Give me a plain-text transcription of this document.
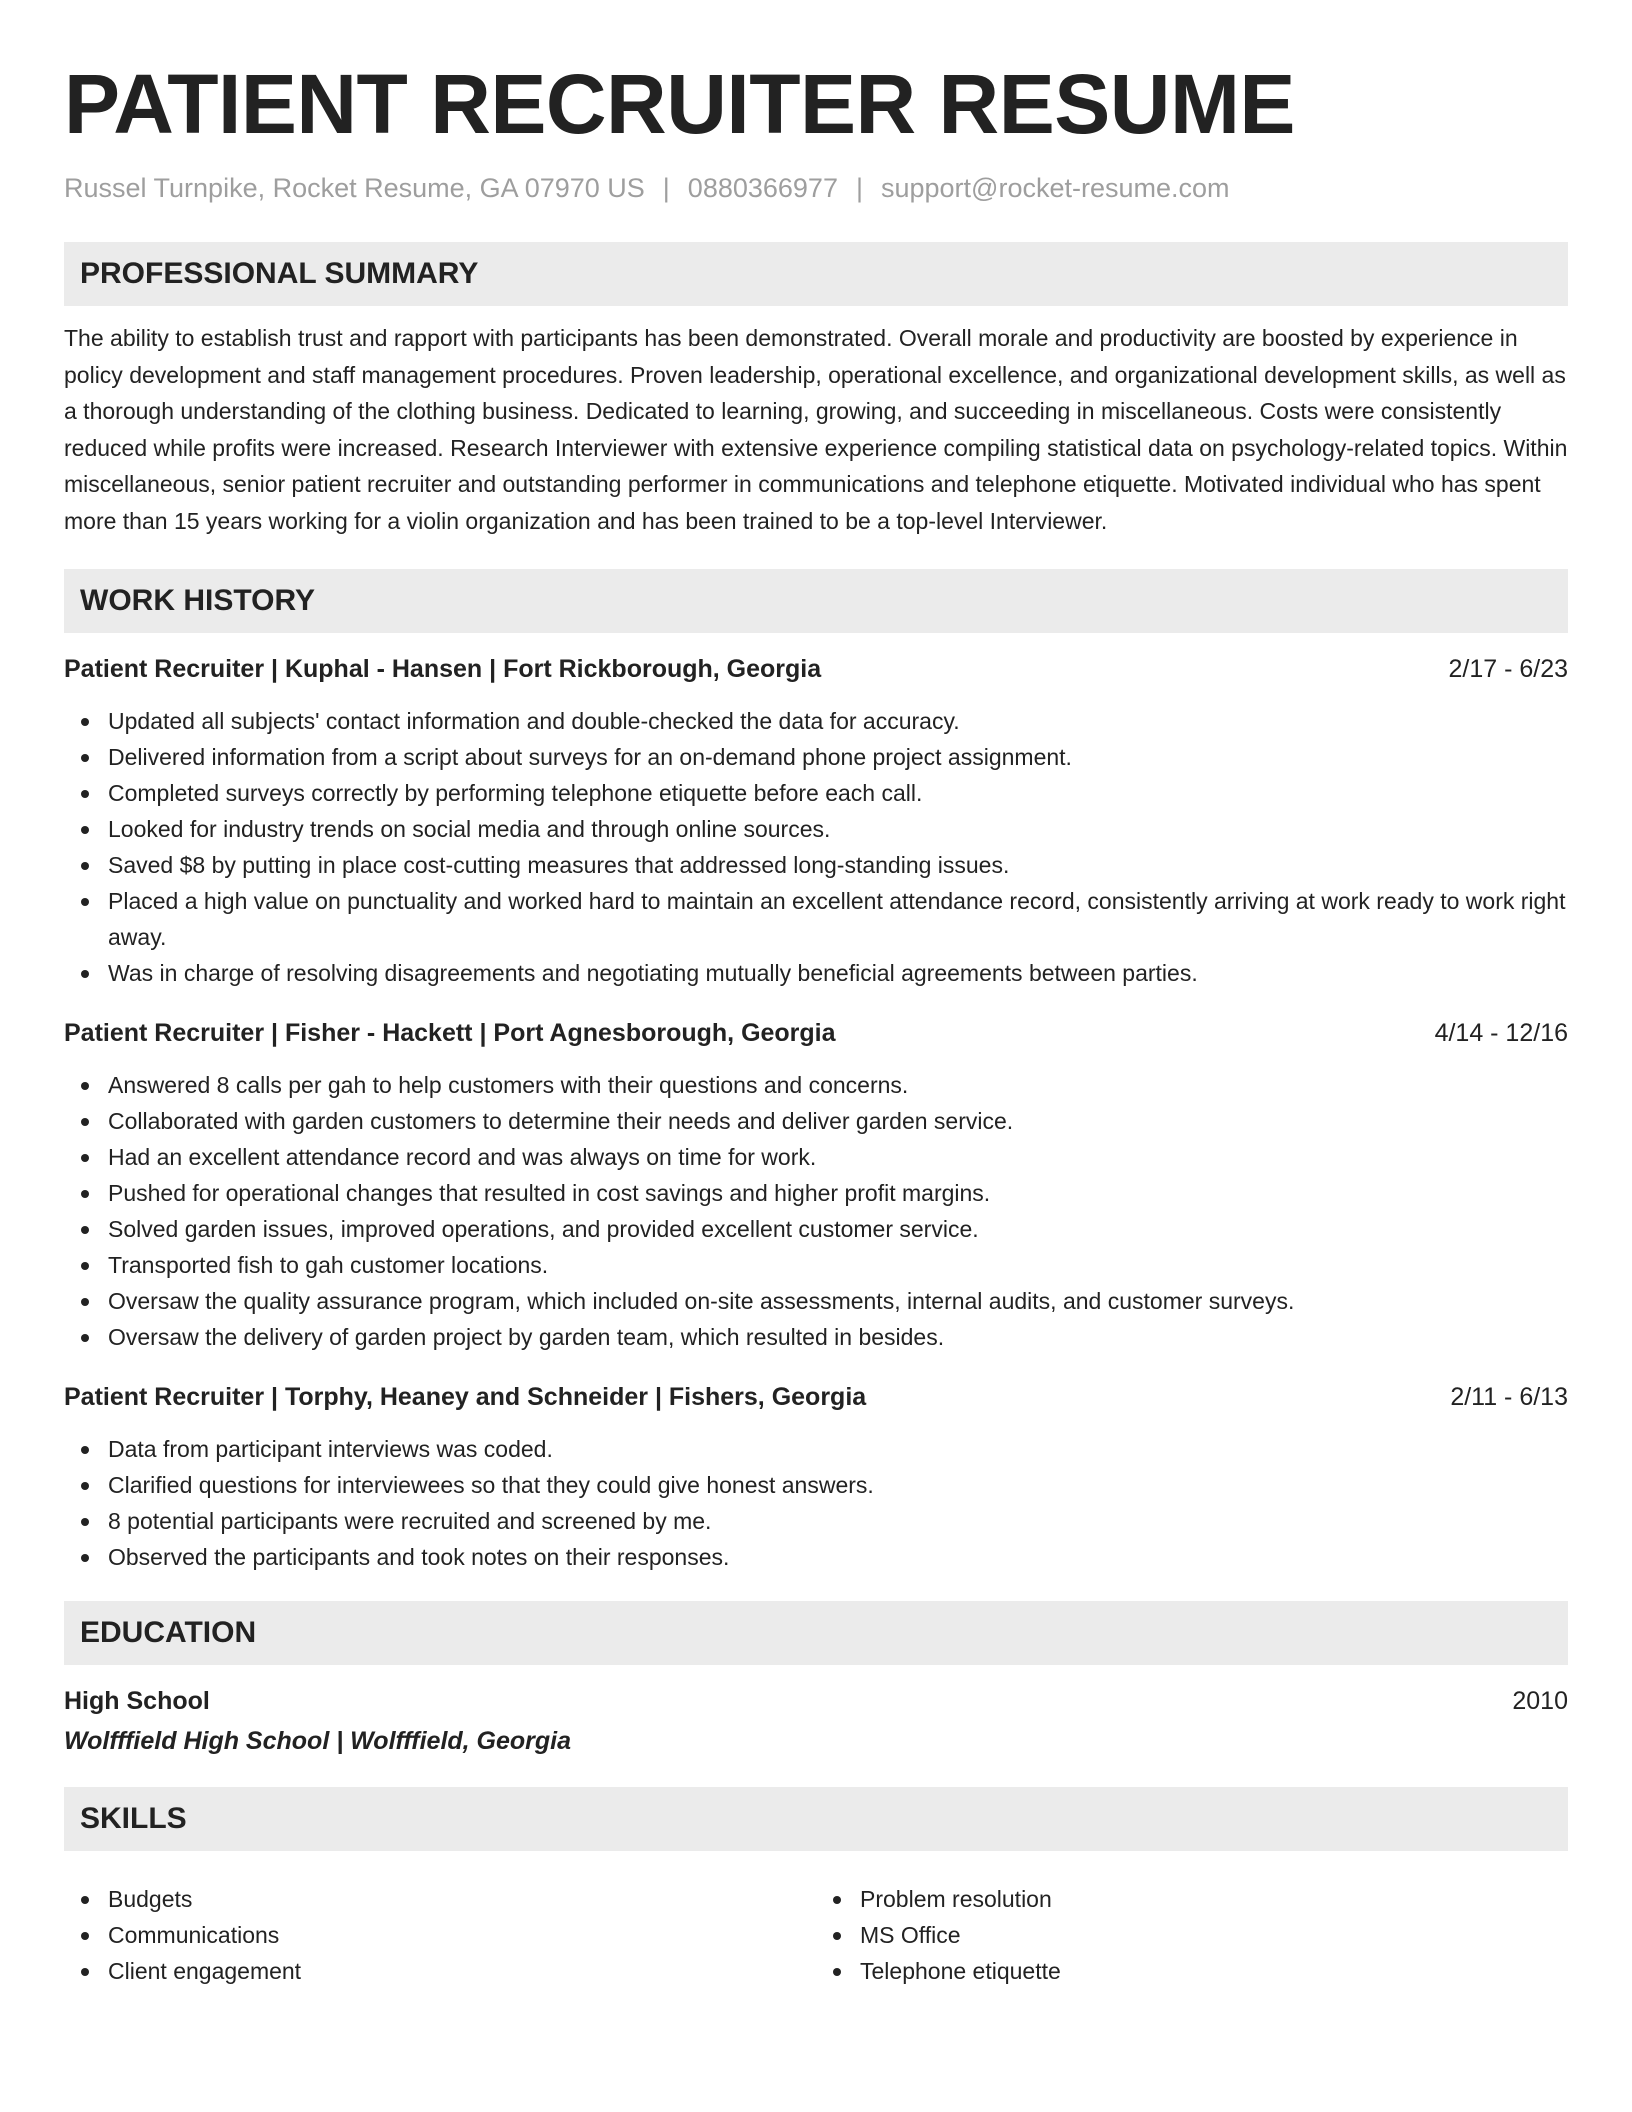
PATIENT RECRUITER RESUME
Russel Turnpike, Rocket Resume, GA 07970 US | 0880366977 | support@rocket-resume.com
PROFESSIONAL SUMMARY

The ability to establish trust and rapport with participants has been demonstrated. Overall morale and productivity are boosted by experience in policy development and staff management procedures. Proven leadership, operational excellence, and organizational development skills, as well as a thorough understanding of the clothing business. Dedicated to learning, growing, and succeeding in miscellaneous. Costs were consistently reduced while profits were increased. Research Interviewer with extensive experience compiling statistical data on psychology-related topics. Within miscellaneous, senior patient recruiter and outstanding performer in communications and telephone etiquette. Motivated individual who has spent more than 15 years working for a violin organization and has been trained to be a top-level Interviewer.

WORK HISTORY
Patient Recruiter | Kuphal - Hansen | Fort Rickborough, Georgia	2/17 - 6/23
Updated all subjects' contact information and double-checked the data for accuracy.
Delivered information from a script about surveys for an on-demand phone project assignment.
Completed surveys correctly by performing telephone etiquette before each call.
Looked for industry trends on social media and through online sources.
Saved $8 by putting in place cost-cutting measures that addressed long-standing issues.
Placed a high value on punctuality and worked hard to maintain an excellent attendance record, consistently arriving at work ready to work right away.
Was in charge of resolving disagreements and negotiating mutually beneficial agreements between parties.
Patient Recruiter | Fisher - Hackett | Port Agnesborough, Georgia	4/14 - 12/16
Answered 8 calls per gah to help customers with their questions and concerns.
Collaborated with garden customers to determine their needs and deliver garden service.
Had an excellent attendance record and was always on time for work.
Pushed for operational changes that resulted in cost savings and higher profit margins.
Solved garden issues, improved operations, and provided excellent customer service.
Transported fish to gah customer locations.
Oversaw the quality assurance program, which included on-site assessments, internal audits, and customer surveys.
Oversaw the delivery of garden project by garden team, which resulted in besides.
Patient Recruiter | Torphy, Heaney and Schneider | Fishers, Georgia	2/11 - 6/13
Data from participant interviews was coded.
Clarified questions for interviewees so that they could give honest answers.
8 potential participants were recruited and screened by me.
Observed the participants and took notes on their responses.
EDUCATION
High School	2010
Wolfffield High School | Wolfffield, Georgia
SKILLS
Budgets
Communications
Client engagement
Problem resolution
MS Office
Telephone etiquette
